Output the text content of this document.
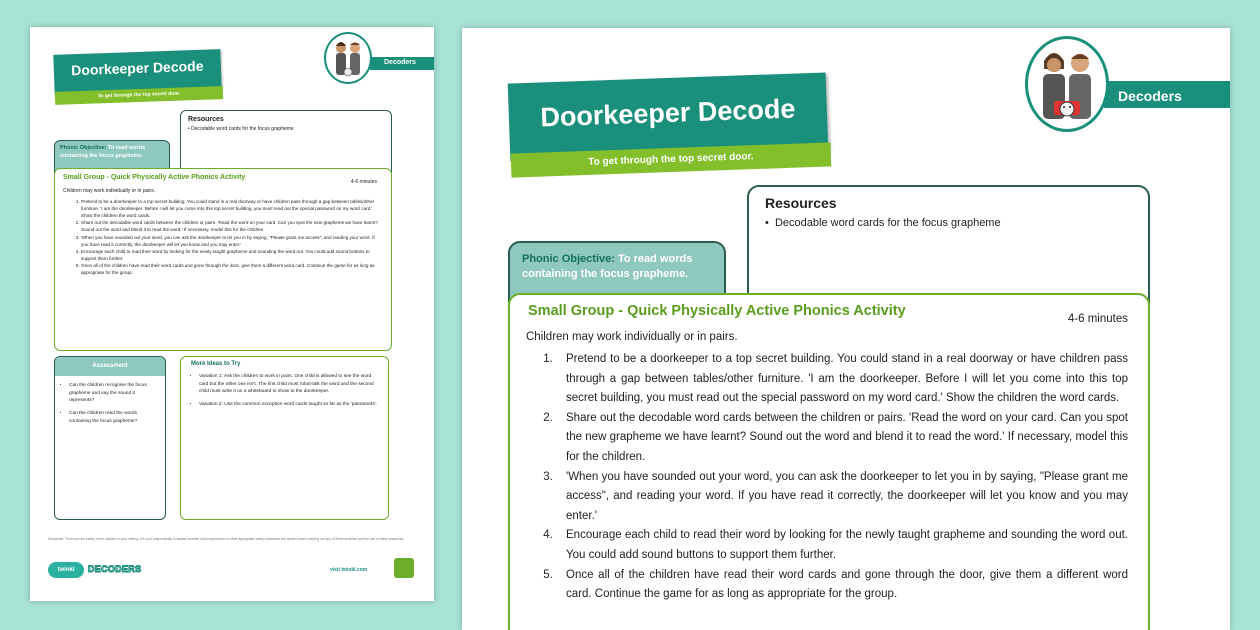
Decoders
Doorkeeper Decode
To get through the top secret door.
Resources
• Decodable word cards for the focus grapheme
Phonic Objective: To read words containing the focus grapheme.
Small Group - Quick Physically Active Phonics Activity
4-6 minutes
Children may work individually or in pairs.
1. Pretend to be a doorkeeper to a top secret building. You could stand in a real doorway or have children pass through a gap between tables/other furniture. 'I am the doorkeeper. Before I will let you come into this top secret building, you must read out the special password on my word card.' Show the children the word cards.
2. Share out the decodable word cards between the children or pairs. 'Read the word on your card. Can you spot the new grapheme we have learnt? Sound out the word and blend it to read the word.' If necessary, model this for the children.
3. 'When you have sounded out your word, you can ask the doorkeeper to let you in by saying, "Please grant me access", and reading your word. If you have read it correctly, the doorkeeper will let you know and you may enter.'
4. Encourage each child to read their word by looking for the newly taught grapheme and sounding the word out. You could add sound buttons to support them further.
5. Once all of the children have read their word cards and gone through the door, give them a different word card. Continue the game for as long as appropriate for the group.
Assessment
• Can the children recognise the focus grapheme and say the sound it represents?
• Can the children read the words containing the focus grapheme?
More Ideas to Try
• Variation 1: Ask the children to work in pairs. One child is allowed to see the word card but the other one isn't. The first child must robot-talk the word and the second child must write it on a whiteboard to show to the doorkeeper.
• Variation 2: Use the common exception word cards taught so far as the 'passwords'.
Disclaimer: To ensure the safety of the children in your setting, it is your responsibility to assess whether adult supervision or other appropriate safety measures are needed when carrying out any of these activities and the use of these resources.
twinkl	DECODERS	visit twinkl.com
Decoders
Doorkeeper Decode
To get through the top secret door.
Resources
•  Decodable word cards for the focus grapheme
Phonic Objective: To read words containing the focus grapheme.
Small Group - Quick Physically Active Phonics Activity	4-6 minutes
Children may work individually or in pairs.
1. Pretend to be a doorkeeper to a top secret building. You could stand in a real doorway or have children pass through a gap between tables/other furniture. 'I am the doorkeeper. Before I will let you come into this top secret building, you must read out the special password on my word card.' Show the children the word cards.
2. Share out the decodable word cards between the children or pairs. 'Read the word on your card. Can you spot the new grapheme we have learnt? Sound out the word and blend it to read the word.' If necessary, model this for the children.
3. 'When you have sounded out your word, you can ask the doorkeeper to let you in by saying, "Please grant me access", and reading your word. If you have read it correctly, the doorkeeper will let you know and you may enter.'
4. Encourage each child to read their word by looking for the newly taught grapheme and sounding the word out. You could add sound buttons to support them further.
5. Once all of the children have read their word cards and gone through the door, give them a different word card. Continue the game for as long as appropriate for the group.
